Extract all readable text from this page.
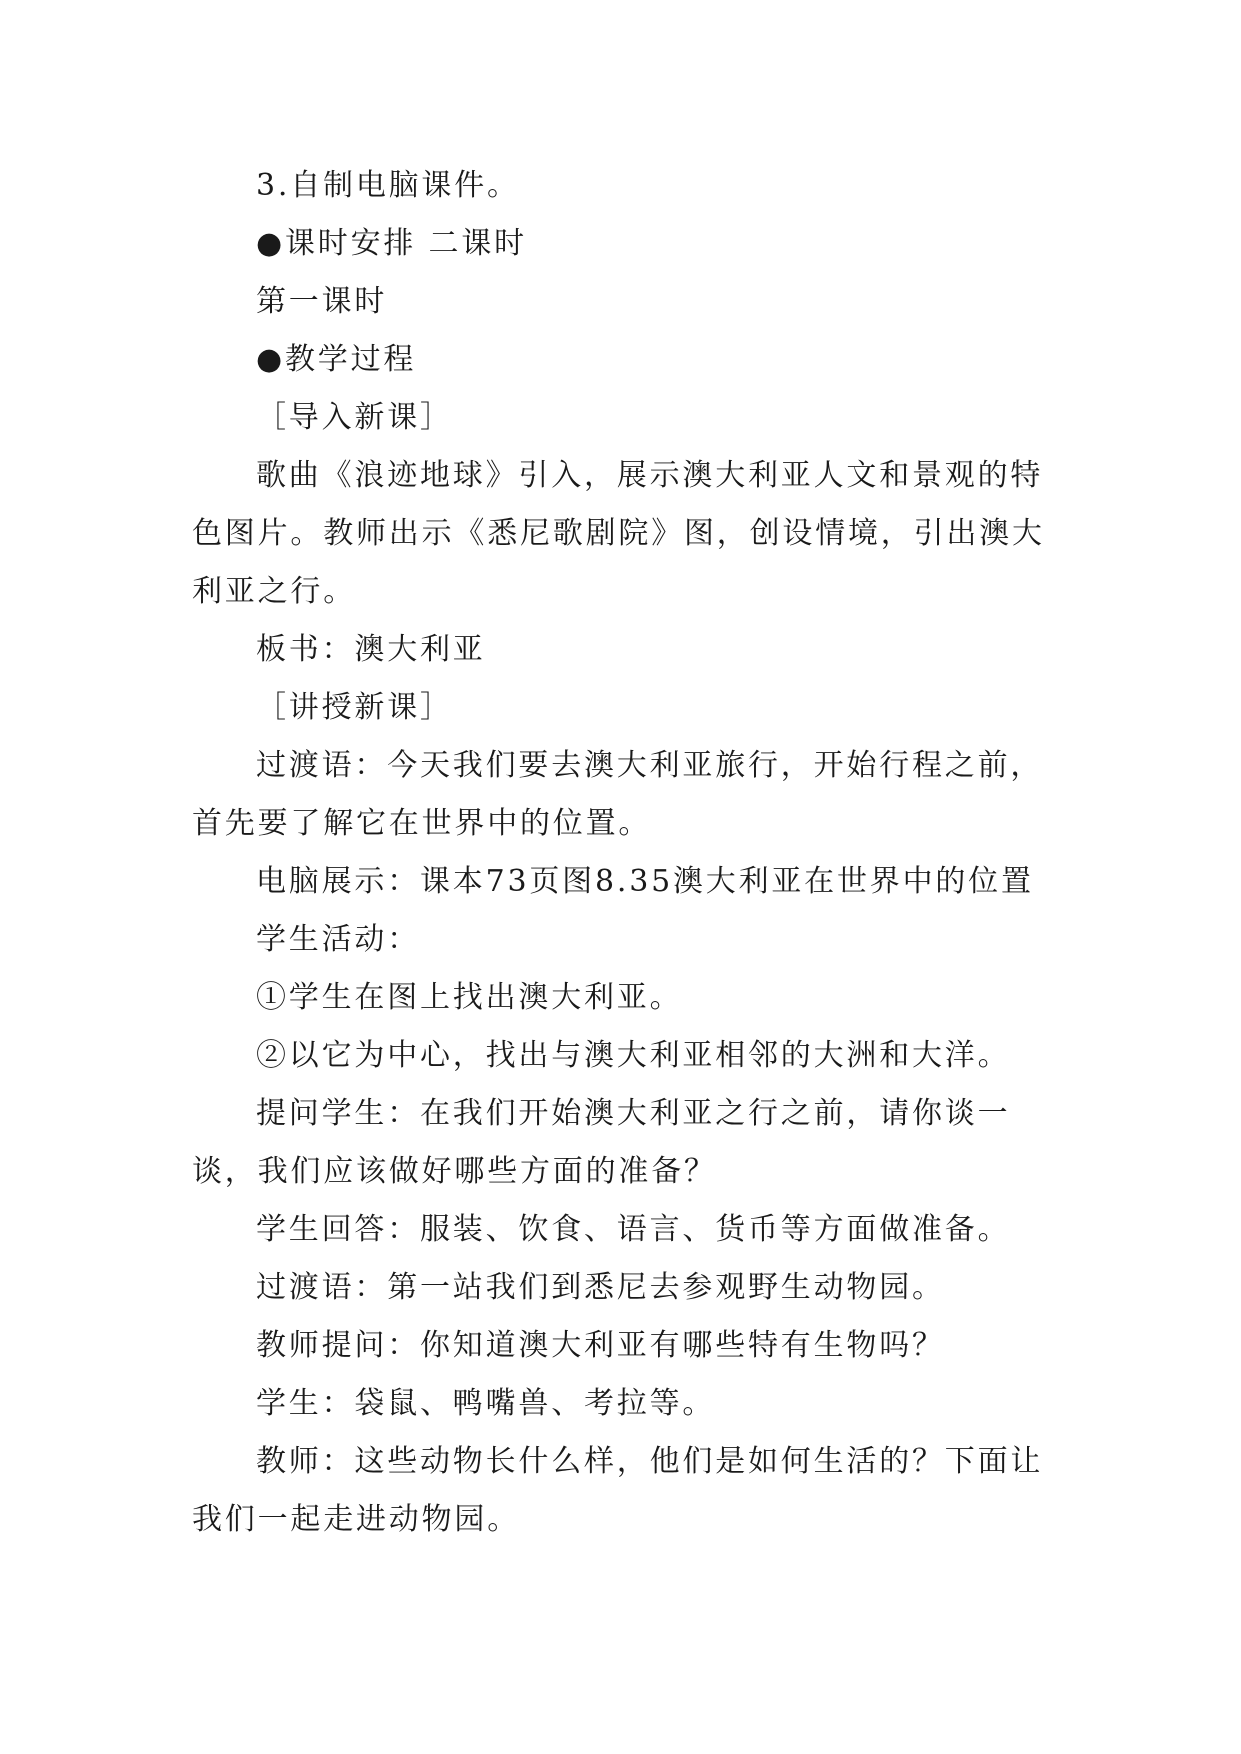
3.自制电脑课件。

●课时安排 二课时

第一课时

●教学过程

［导入新课］

歌曲《浪迹地球》引入，展示澳大利亚人文和景观的特色图片。教师出示《悉尼歌剧院》图，创设情境，引出澳大利亚之行。

板书：澳大利亚

［讲授新课］

过渡语：今天我们要去澳大利亚旅行，开始行程之前，首先要了解它在世界中的位置。

电脑展示：课本73页图8.35澳大利亚在世界中的位置

学生活动：

①学生在图上找出澳大利亚。

②以它为中心，找出与澳大利亚相邻的大洲和大洋。

提问学生：在我们开始澳大利亚之行之前，请你谈一谈，我们应该做好哪些方面的准备？

学生回答：服装、饮食、语言、货币等方面做准备。

过渡语：第一站我们到悉尼去参观野生动物园。

教师提问：你知道澳大利亚有哪些特有生物吗？

学生：袋鼠、鸭嘴兽、考拉等。

教师：这些动物长什么样，他们是如何生活的？下面让我们一起走进动物园。
